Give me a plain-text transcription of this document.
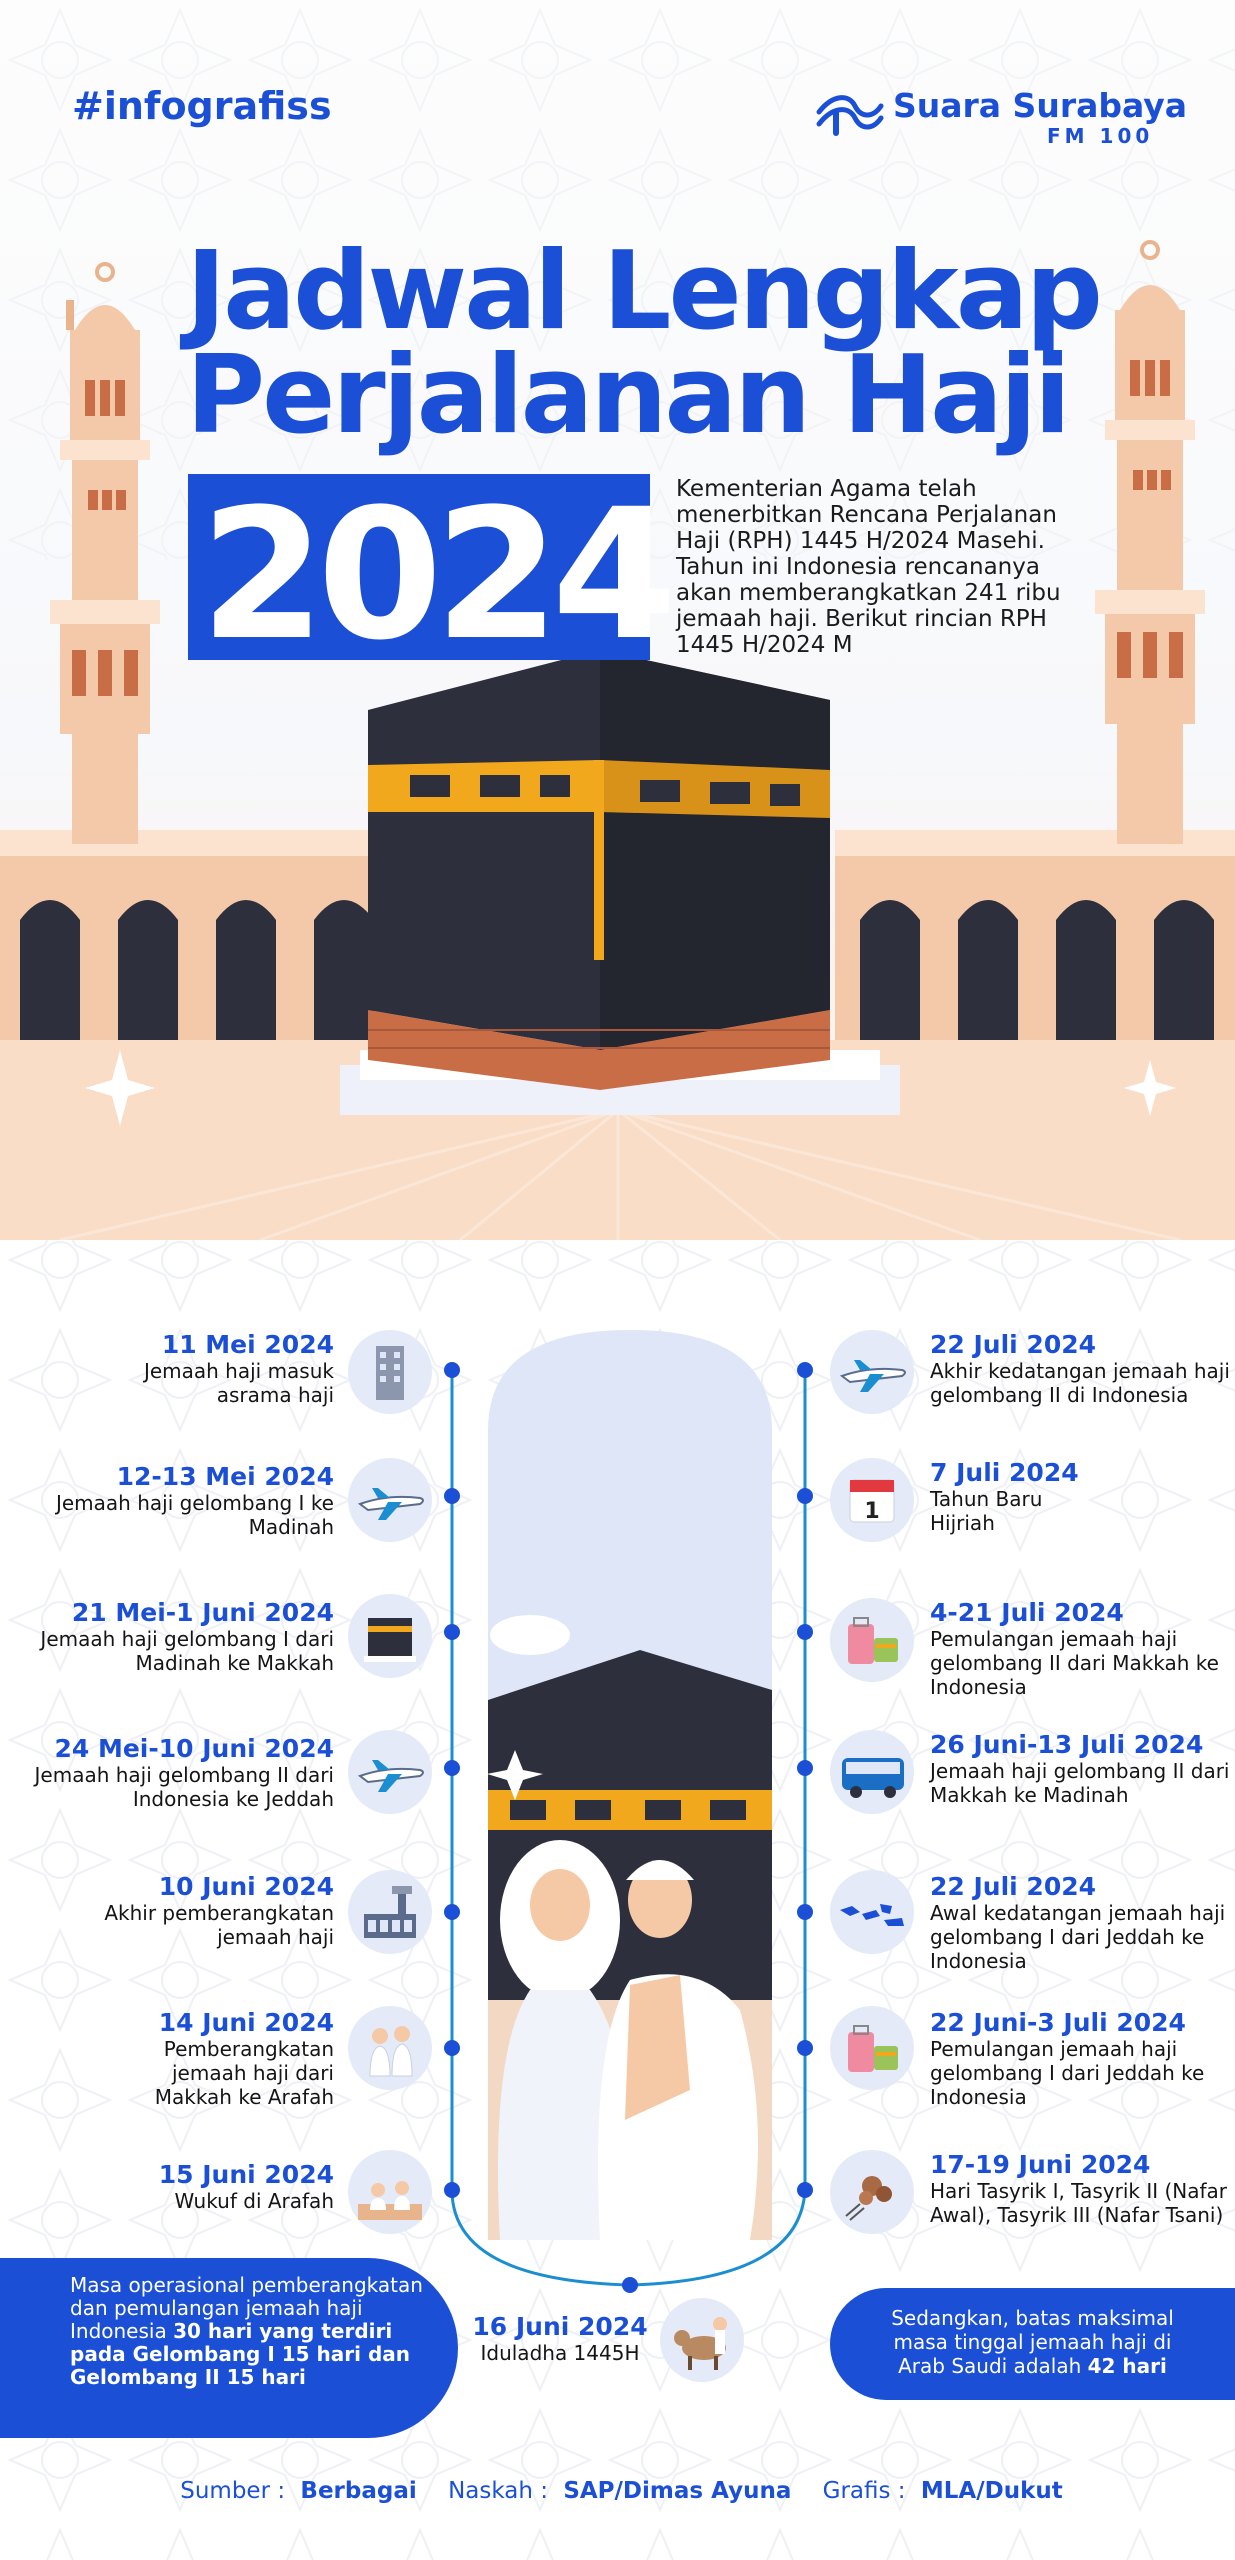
#infografiss	Suara Surabaya
FM 100
Jadwal Lengkap
Perjalanan Haji
2024 Kementerian Agama telah menerbitkan Rencana Perjalanan Haji (RPH) 1445 H/2024 Masehi. Tahun ini Indonesia rencananya akan memberangkatkan 241 ribu jemaah haji. Berikut rincian RPH 1445 H/2024 M
11 Mei 2024
Jemaah haji masuk asrama haji
12-13 Mei 2024
Jemaah haji gelombang I ke Madinah
21 Mei-1 Juni 2024
Jemaah haji gelombang I dari Madinah ke Makkah
24 Mei-10 Juni 2024
Jemaah haji gelombang II dari Indonesia ke Jeddah
10 Juni 2024
Akhir pemberangkatan jemaah haji
14 Juni 2024
Pemberangkatan jemaah haji dari Makkah ke Arafah
15 Juni 2024
Wukuf di Arafah
22 Juli 2024
Akhir kedatangan jemaah haji gelombang II di Indonesia
1
7 Juli 2024
Tahun Baru Hijriah
4-21 Juli 2024
Pemulangan jemaah haji gelombang II dari Makkah ke Indonesia
26 Juni-13 Juli 2024
Jemaah haji gelombang II dari Makkah ke Madinah
22 Juli 2024
Awal kedatangan jemaah haji gelombang I dari Jeddah ke Indonesia
22 Juni-3 Juli 2024
Pemulangan jemaah haji gelombang I dari Jeddah ke Indonesia
17-19 Juni 2024
Hari Tasyrik I, Tasyrik II (Nafar Awal), Tasyrik III (Nafar Tsani)
Masa operasional pemberangkatan dan pemulangan jemaah haji Indonesia 30 hari yang terdiri pada Gelombang I 15 hari dan Gelombang II 15 hari
Sedangkan, batas maksimal masa tinggal jemaah haji di Arab Saudi adalah 42 hari
16 Juni 2024
Iduladha 1445H
Sumber : Berbagai Naskah : SAP/Dimas Ayuna Grafis : MLA/Dukut
